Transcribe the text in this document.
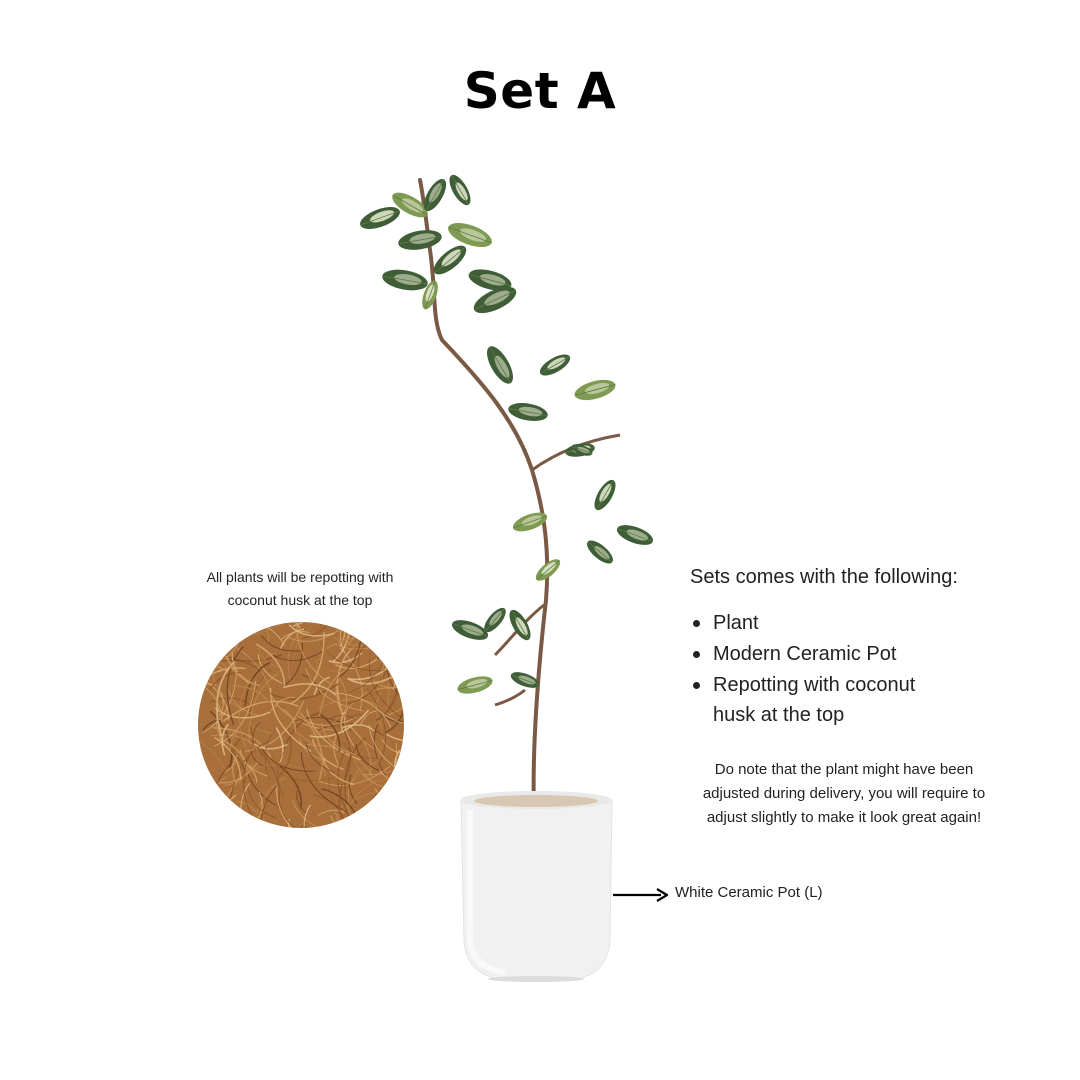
Set A
All plants will be repotting with
coconut husk at the top
Sets comes with the following:
Plant
Modern Ceramic Pot
Repotting with coconut
husk at the top
Do note that the plant might have been
adjusted during delivery, you will require to
adjust slightly to make it look great again!
White Ceramic Pot (L)
